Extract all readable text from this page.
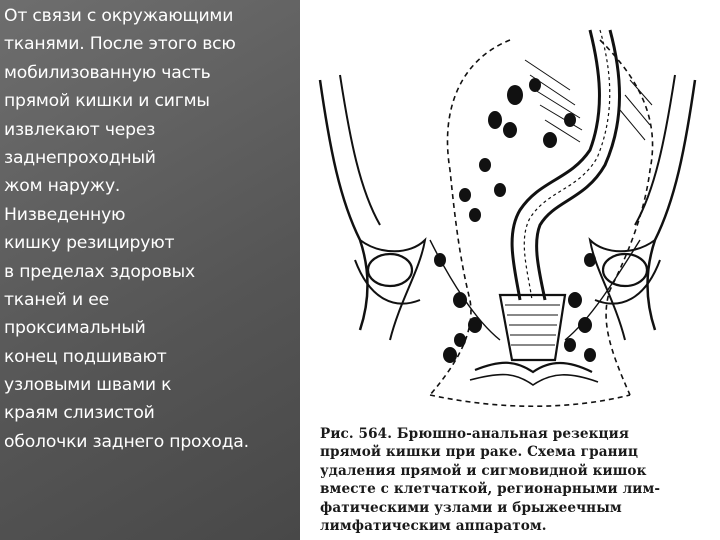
От связи с окружающими
тканями. После этого всю
мобилизованную часть
прямой кишки и сигмы
извлекают через
заднепроходный
жом наружу.
Низведенную
кишку резицируют
в пределах здоровых
тканей и ее
проксимальный
конец подшивают
узловыми швами к
краям слизистой
оболочки заднего прохода.	Рис. 564. Брюшно-анальная резекция
прямой кишки при раке. Схема границ
удаления прямой и сигмовидной кишок
вместе с клетчаткой, регионарными лим-
фатическими узлами и брыжеечным
лимфатическим аппаратом.
